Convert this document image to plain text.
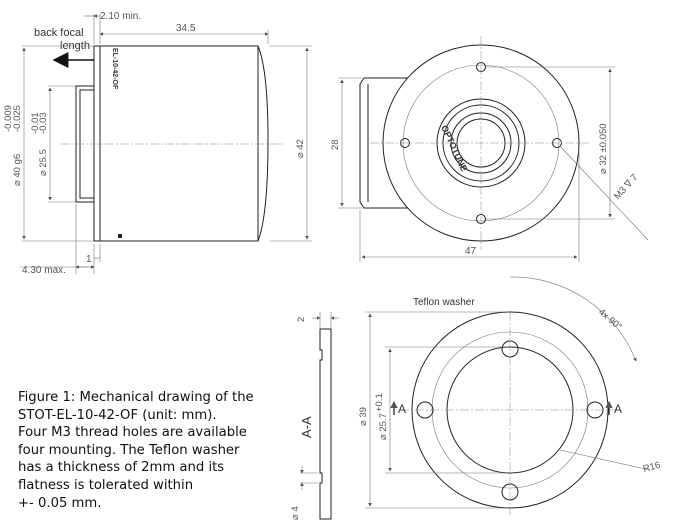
EL-10-42-OF
back focal
length
2.10 min.
34.5
4.30 max.
1
⌀ 40 g6
-0.009
-0.025
⌀ 25.5
-0.01
-0.03
⌀ 42	OPTOTUNE
28
47
⌀ 32 ±0.050
M3 ∇ 7
2
A-A
⌀ 4
Teflon washer
A	A
⌀ 39 ⌀ 25.7
+0.1
4x 90°
R16
Figure 1: Mechanical drawing of the
STOT-EL-10-42-OF (unit: mm).
Four M3 thread holes are available
four mounting. The Teflon washer
has a thickness of 2mm and its
flatness is tolerated within
+- 0.05 mm.
